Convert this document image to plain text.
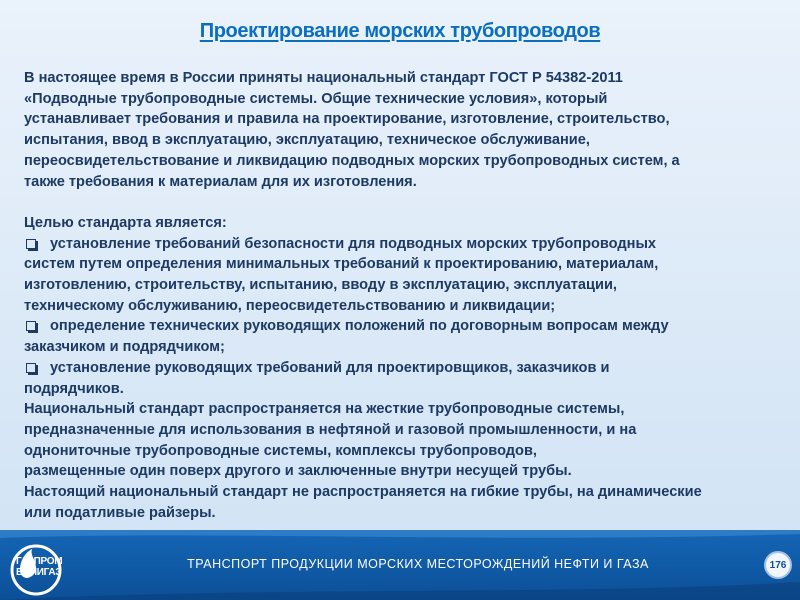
Проектирование морских трубопроводов

В настоящее время в России приняты национальный стандарт ГОСТ Р 54382-2011
«Подводные трубопроводные системы. Общие технические условия», который
устанавливает требования и правила на проектирование, изготовление, строительство,
испытания, ввод в эксплуатацию, эксплуатацию, техническое обслуживание,
переосвидетельствование и ликвидацию подводных морских трубопроводных систем, а
также требования к материалам для их изготовления.

Целью стандарта является:

установление требований безопасности для подводных морских трубопроводных
систем путем определения минимальных требований к проектированию, материалам,
изготовлению, строительству, испытанию, вводу в эксплуатацию, эксплуатации,
техническому обслуживанию, переосвидетельствованию и ликвидации;

определение технических руководящих положений по договорным вопросам между
заказчиком и подрядчиком;

установление руководящих требований для проектировщиков, заказчиков и
подрядчиков.

Национальный стандарт распространяется на жесткие трубопроводные системы,
предназначенные для использования в нефтяной и газовой промышленности, и на
однониточные трубопроводные системы, комплексы трубопроводов,
размещенные один поверх другого и заключенные внутри несущей трубы.
Настоящий национальный стандарт не распространяется на гибкие трубы, на динамические
или податливые райзеры.

ГАЗПРОМ
ВНИИГАЗ
ТРАНСПОРТ ПРОДУКЦИИ МОРСКИХ МЕСТОРОЖДЕНИЙ НЕФТИ И ГАЗА	176
